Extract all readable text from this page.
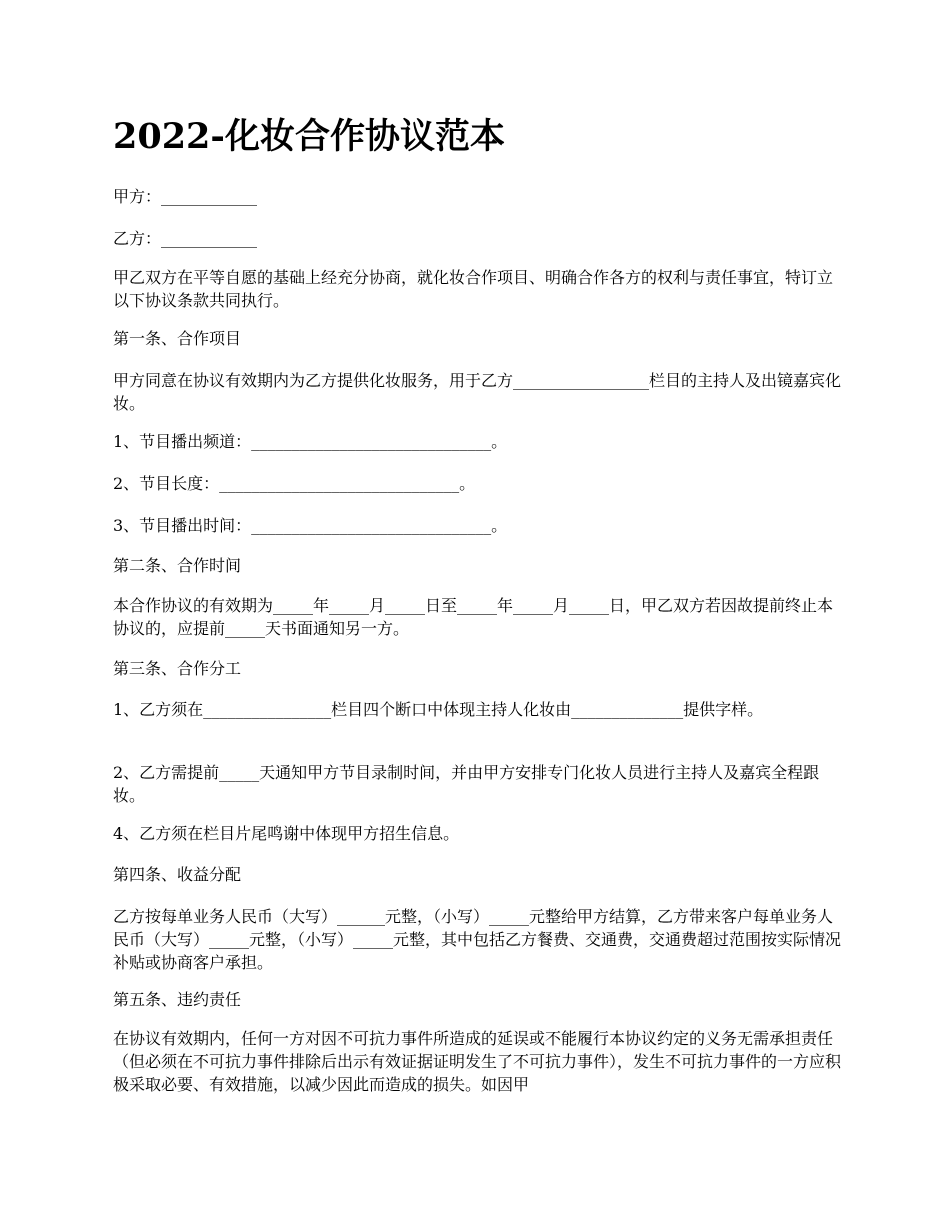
2022-化妆合作协议范本

甲方：____________

乙方：____________

甲乙双方在平等自愿的基础上经充分协商，就化妆合作项目、明确合作各方的权利与责任事宜，特订立以下协议条款共同执行。

第一条、合作项目

甲方同意在协议有效期内为乙方提供化妆服务，用于乙方_________________栏目的主持人及出镜嘉宾化妆。

1、节目播出频道：______________________________。

2、节目长度：______________________________。

3、节目播出时间：______________________________。

第二条、合作时间

本合作协议的有效期为_____年_____月_____日至_____年_____月_____日，甲乙双方若因故提前终止本协议的，应提前_____天书面通知另一方。

第三条、合作分工

1、乙方须在________________栏目四个断口中体现主持人化妆由______________提供字样。

2、乙方需提前_____天通知甲方节目录制时间，并由甲方安排专门化妆人员进行主持人及嘉宾全程跟妆。

4、乙方须在栏目片尾鸣谢中体现甲方招生信息。

第四条、收益分配

乙方按每单业务人民币（大写）______元整，（小写）_____元整给甲方结算，乙方带来客户每单业务人民币（大写）_____元整，（小写）_____元整，其中包括乙方餐费、交通费，交通费超过范围按实际情况补贴或协商客户承担。

第五条、违约责任

在协议有效期内，任何一方对因不可抗力事件所造成的延误或不能履行本协议约定的义务无需承担责任（但必须在不可抗力事件排除后出示有效证据证明发生了不可抗力事件），发生不可抗力事件的一方应积极采取必要、有效措施，以减少因此而造成的损失。如因甲
